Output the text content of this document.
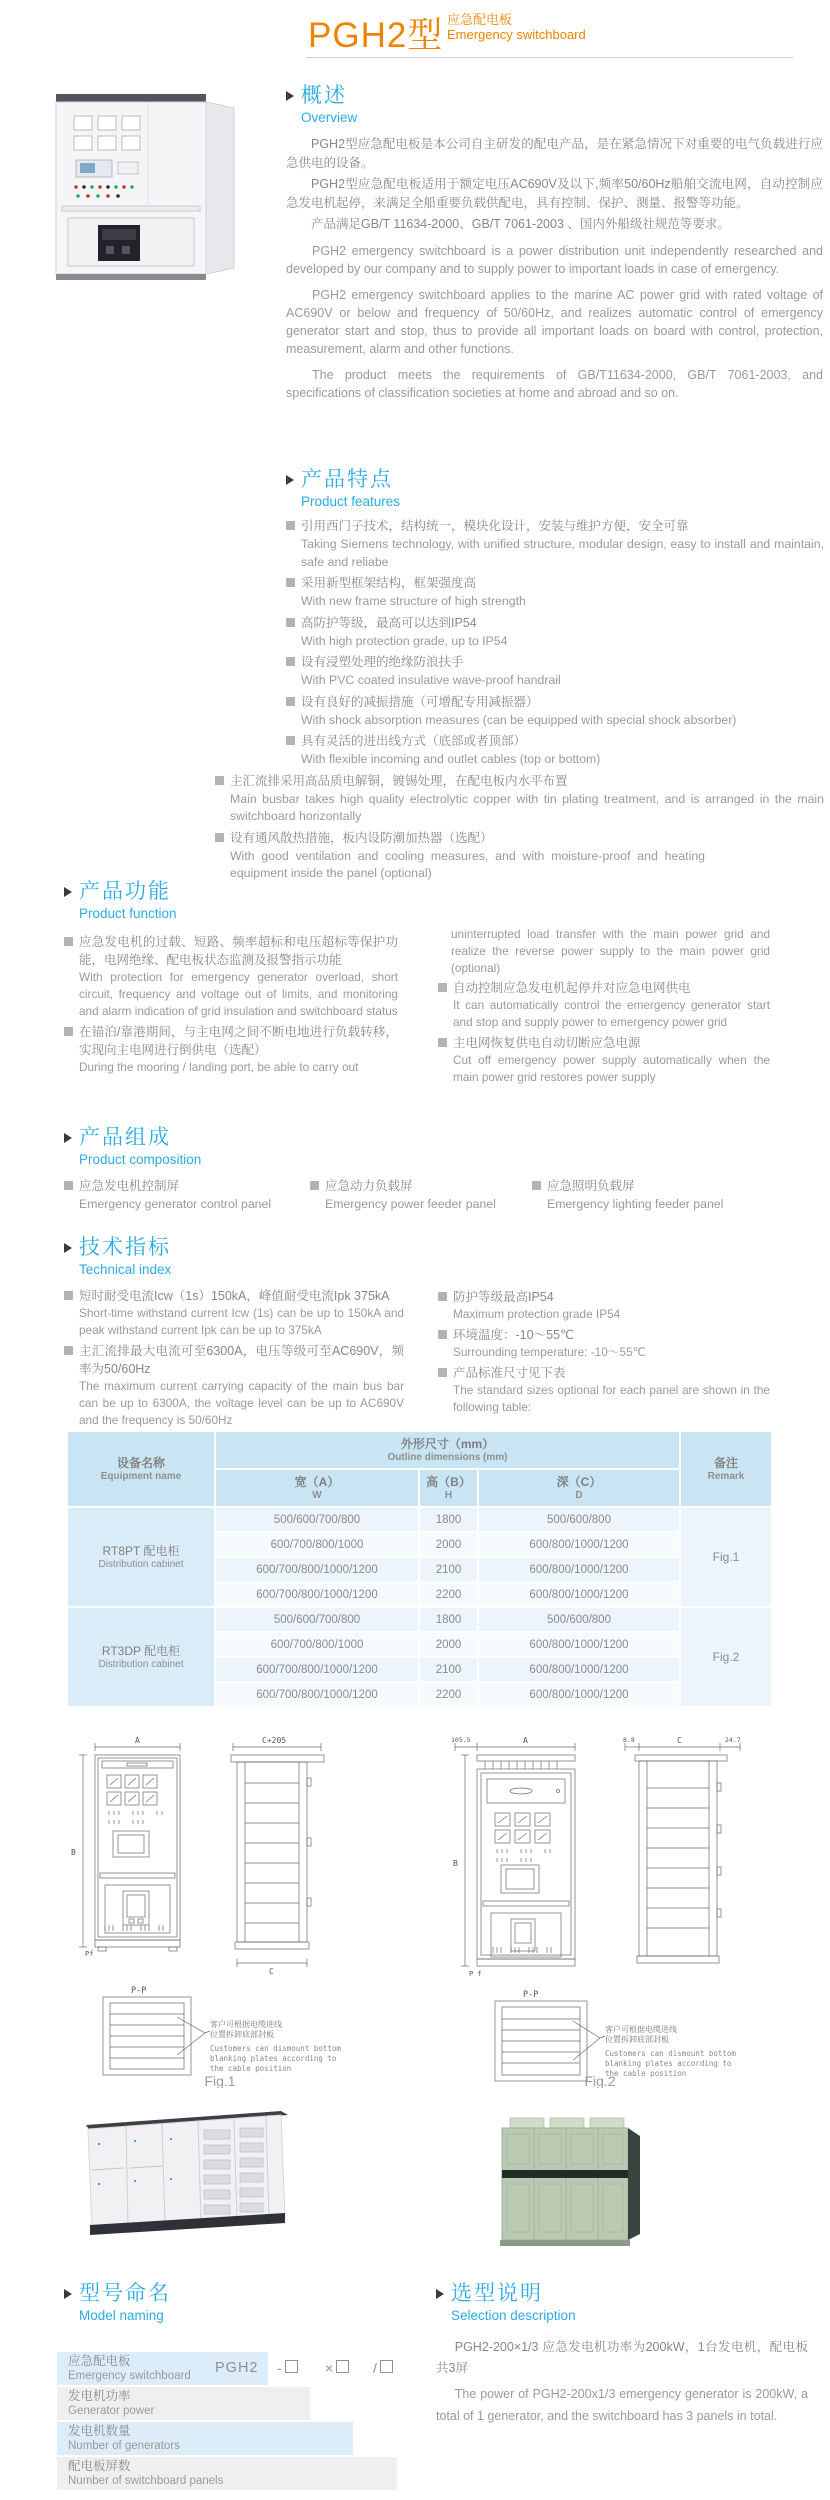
PGH2型 应急配电板
Emergency switchboard
概述
Overview

PGH2型应急配电板是本公司自主研发的配电产品，是在紧急情况下对重要的电气负载进行应急供电的设备。

PGH2型应急配电板适用于额定电压AC690V及以下,频率50/60Hz船舶交流电网，自动控制应急发电机起停，来满足全船重要负载供配电，具有控制、保护、测量、报警等功能。

产品满足GB/T 11634-2000、GB/T 7061-2003 、国内外船级社规范等要求。

PGH2 emergency switchboard is a power distribution unit independently researched and developed by our company and to supply power to important loads in case of emergency.

PGH2 emergency switchboard applies to the marine AC power grid with rated voltage of AC690V or below and frequency of 50/60Hz, and realizes automatic control of emergency generator start and stop, thus to provide all important loads on board with control, protection, measurement, alarm and other functions.

The product meets the requirements of GB/T11634-2000, GB/T 7061-2003, and specifications of classification societies at home and abroad and so on.

产品特点
Product features
引用西门子技术，结构统一，模块化设计，安装与维护方便，安全可靠
Taking Siemens technology, with unified structure, modular design, easy to install and maintain, safe and reliabe
采用新型框架结构，框架强度高
With new frame structure of high strength
高防护等级，最高可以达到IP54
With high protection grade, up to IP54
设有浸塑处理的绝缘防浪扶手
With PVC coated insulative wave-proof handrail
设有良好的减振措施（可增配专用减振器）
With shock absorption measures (can be equipped with special shock absorber)
具有灵活的进出线方式（底部或者顶部）
With flexible incoming and outlet cables (top or bottom)
主汇流排采用高品质电解铜，镀锡处理，在配电板内水平布置
Main busbar takes high quality electrolytic copper with tin plating treatment, and is arranged in the main switchboard horizontally
设有通风散热措施，板内设防潮加热器（选配）
With good ventilation and cooling measures, and with moisture-proof and heating equipment inside the panel (optional)
产品功能
Product function
应急发电机的过载、短路、频率超标和电压超标等保护功能，电网绝缘、配电板状态监测及报警指示功能
With protection for emergency generator overload, short circuit, frequency and voltage out of limits, and monitoring and alarm indication of grid insulation and switchboard status
在锚泊/靠港期间，与主电网之间不断电地进行负载转移，实现向主电网进行倒供电（选配）
During the mooring / landing port, be able to carry out
uninterrupted load transfer with the main power grid and realize the reverse power supply to the main power grid (optional)
自动控制应急发电机起停并对应急电网供电
It can automatically control the emergency generator start and stop and supply power to emergency power grid
主电网恢复供电自动切断应急电源
Cut off emergency power supply automatically when the main power grid restores power supply
产品组成
Product composition
应急发电机控制屏
Emergency generator control panel
应急动力负载屏
Emergency power feeder panel
应急照明负载屏
Emergency lighting feeder panel
技术指标
Technical index
短时耐受电流Icw（1s）150kA，峰值耐受电流Ipk 375kA
Short-time withstand current Icw (1s) can be up to 150kA and peak withstand current Ipk can be up to 375kA
主汇流排最大电流可至6300A，电压等级可至AC690V，频率为50/60Hz
The maximum current carrying capacity of the main bus bar can be up to 6300A, the voltage level can be up to AC690V and the frequency is 50/60Hz
防护等级最高IP54
Maximum protection grade IP54
环境温度：-10～55℃
Surrounding temperature: -10～55℃
产品标准尺寸见下表
The standard sizes optional for each panel are shown in the following table:
设备名称
Equipment name	外形尺寸（mm）
Outline dimensions (mm)			备注
Remark

	宽（A）
W	高（B）
H	深（C）
D	

RT8PT 配电柜
Distribution cabinet	500/600/700/800	1800	500/600/800	Fig.1
	600/700/800/1000	2000	600/800/1000/1200	
	600/700/800/1000/1200	2100	600/800/1000/1200	
	600/700/800/1000/1200	2200	600/800/1000/1200	

RT3DP 配电柜
Distribution cabinet	500/600/700/800	1800	500/600/800	Fig.2
	600/700/800/1000	2000	600/800/1000/1200	
	600/700/800/1000/1200	2100	600/800/1000/1200	
	600/700/800/1000/1200	2200	600/800/1000/1200	
A
B
Pf
C+205
C
P-P
客户可根据电缆进线
位置拆卸底部封板
Customers can dismount bottom
blanking plates according to
the cable position
Fig.1
105.5	A
B
P f
8.8	C	24.7
P-P
客户可根据电缆进线
位置拆卸底部封板
Customers can dismount bottom
blanking plates according to
the cable position
Fig.2
型号命名
Model naming
应急配电板
Emergency switchboard PGH2 -	×	/
发电机功率
Generator power
发电机数量
Number of generators
配电板屏数
Number of switchboard panels
选型说明
Selection description
PGH2-200×1/3 应急发电机功率为200kW，1台发电机，配电板共3屏
The power of PGH2-200x1/3 emergency generator is 200kW, a total of 1 generator, and the switchboard has 3 panels in total.
